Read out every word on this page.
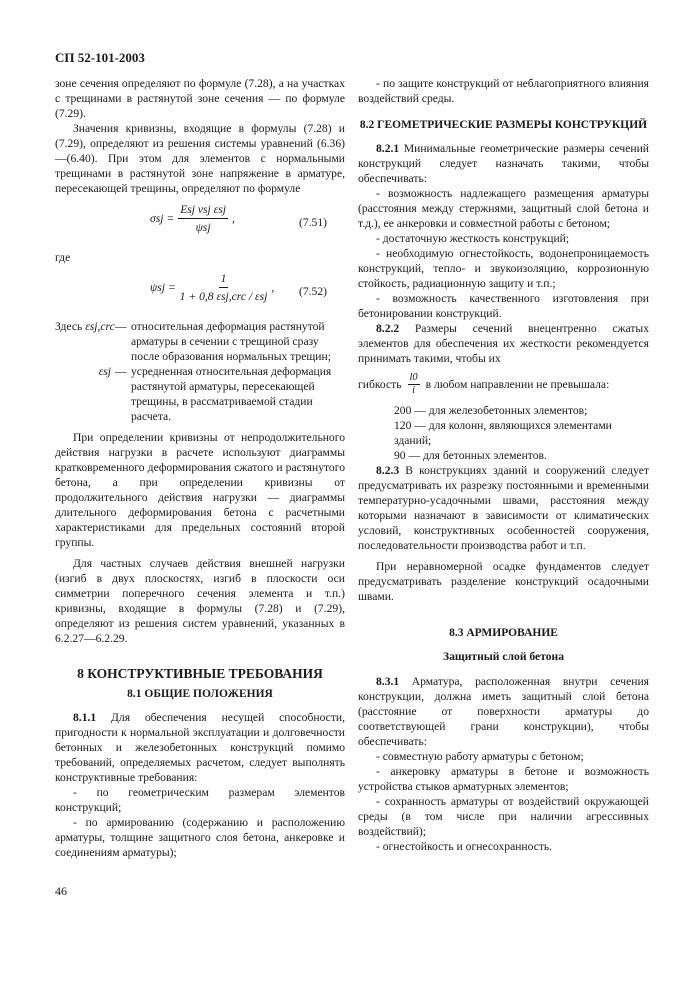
СП 52-101-2003

зоне сечения определяют по формуле (7.28), а на участках с трещинами в растянутой зоне сечения — по формуле (7.29).

Значения кривизны, входящие в формулы (7.28) и (7.29), определяют из решения системы уравнений (6.36)—(6.40). При этом для элементов с нормальными трещинами в растянутой зоне напряжение в арматуре, пересекающей трещины, определяют по формуле

$\sigma sj = \frac{\text{Esj νsj εsj}}{\text{ψsj}}$ ,	(7.51)

где

$\psi sj = \frac{1}{\text{1 + 0,8 εsj,crc / εsj}}$ , (7.52)
Здесь εsj,crc — относительная деформация растянутой арматуры в сечении с трещиной сразу после образования нормальных трещин;
εsj — усредненная относительная деформация растянутой арматуры, пересекающей трещины, в рассматриваемой стадии расчета.

При определении кривизны от непродолжительного действия нагрузки в расчете используют диаграммы кратковременного деформирования сжатого и растянутого бетона, а при определении кривизны от продолжительного действия нагрузки — диаграммы длительного деформирования бетона с расчетными характеристиками для предельных состояний второй группы.

Для частных случаев действия внешней нагрузки (изгиб в двух плоскостях, изгиб в плоскости оси симметрии поперечного сечения элемента и т.п.) кривизны, входящие в формулы (7.28) и (7.29), определяют из решения систем уравнений, указанных в 6.2.27—6.2.29.

8 КОНСТРУКТИВНЫЕ ТРЕБОВАНИЯ
8.1 ОБЩИЕ ПОЛОЖЕНИЯ

8.1.1 Для обеспечения несущей способности, пригодности к нормальной эксплуатации и долговечности бетонных и железобетонных конструкций помимо требований, определяемых расчетом, следует выполнять конструктивные требования:

- по геометрическим размерам элементов конструкций;

- по армированию (содержанию и расположению арматуры, толщине защитного слоя бетона, анкеровке и соединениям арматуры);

- по защите конструкций от неблагоприятного влияния воздействий среды.

8.2 ГЕОМЕТРИЧЕСКИЕ РАЗМЕРЫ КОНСТРУКЦИЙ

8.2.1 Минимальные геометрические размеры сечений конструкций следует назначать такими, чтобы обеспечивать:

- возможность надлежащего размещения арматуры (расстояния между стержнями, защитный слой бетона и т.д.), ее анкеровки и совместной работы с бетоном;

- достаточную жесткость конструкций;

- необходимую огнестойкость, водонепроницаемость конструкций, тепло- и звукоизоляцию, коррозионную стойкость, радиационную защиту и т.п.;

- возможность качественного изготовления при бетонировании конструкций.

8.2.2 Размеры сечений внецентренно сжатых элементов для обеспечения их жесткости рекомендуется принимать такими, чтобы их

гибкость
l0
i в любом направлении не превышала:

200 — для железобетонных элементов;

120 — для колонн, являющихся элементами зданий;

90 — для бетонных элементов.

8.2.3 В конструкциях зданий и сооружений следует предусматривать их разрезку постоянными и временными температурно-усадочными швами, расстояния между которыми назначают в зависимости от климатических условий, конструктивных особенностей сооружения, последовательности производства работ и т.п.

При неравномерной осадке фундаментов следует предусматривать разделение конструкций осадочными швами.

8.3 АРМИРОВАНИЕ
Защитный слой бетона

8.3.1 Арматура, расположенная внутри сечения конструкции, должна иметь защитный слой бетона (расстояние от поверхности арматуры до соответствующей грани конструкции), чтобы обеспечивать:

- совместную работу арматуры с бетоном;

- анкеровку арматуры в бетоне и возможность устройства стыков арматурных элементов;

- сохранность арматуры от воздействий окружающей среды (в том числе при наличии агрессивных воздействий);

- огнестойкость и огнесохранность.

46
